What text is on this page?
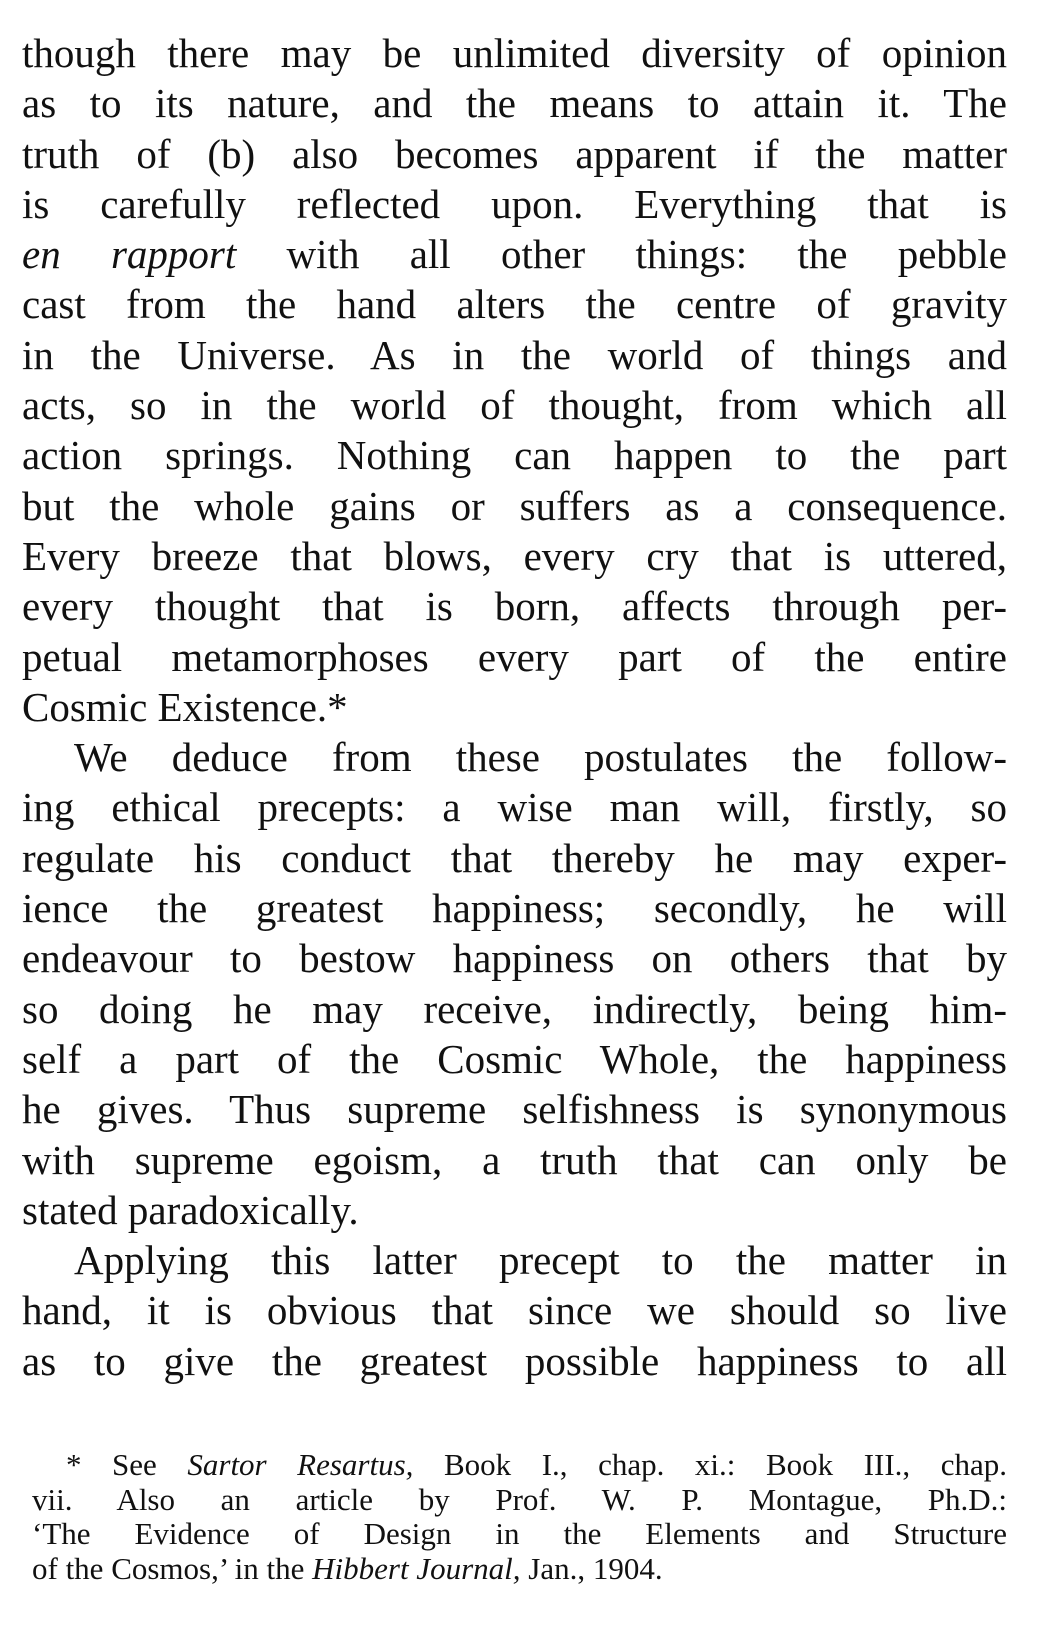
though there may be unlimited diversity of opinion
as to its nature, and the means to attain it. The
truth of (b) also becomes apparent if the matter
is carefully reflected upon. Everything that is
en rapport with all other things: the pebble
cast from the hand alters the centre of gravity
in the Universe. As in the world of things and
acts, so in the world of thought, from which all
action springs. Nothing can happen to the part
but the whole gains or suffers as a consequence.
Every breeze that blows, every cry that is uttered,
every thought that is born, affects through per-
petual metamorphoses every part of the entire
Cosmic Existence.*
We deduce from these postulates the follow-
ing ethical precepts: a wise man will, firstly, so
regulate his conduct that thereby he may exper-
ience the greatest happiness; secondly, he will
endeavour to bestow happiness on others that by
so doing he may receive, indirectly, being him-
self a part of the Cosmic Whole, the happiness
he gives. Thus supreme selfishness is synonymous
with supreme egoism, a truth that can only be
stated paradoxically.
Applying this latter precept to the matter in
hand, it is obvious that since we should so live
as to give the greatest possible happiness to all
* See Sartor Resartus, Book I., chap. xi.: Book III., chap.
vii. Also an article by Prof. W. P. Montague, Ph.D.:
‘The Evidence of Design in the Elements and Structure
of the Cosmos,’ in the Hibbert Journal, Jan., 1904.
